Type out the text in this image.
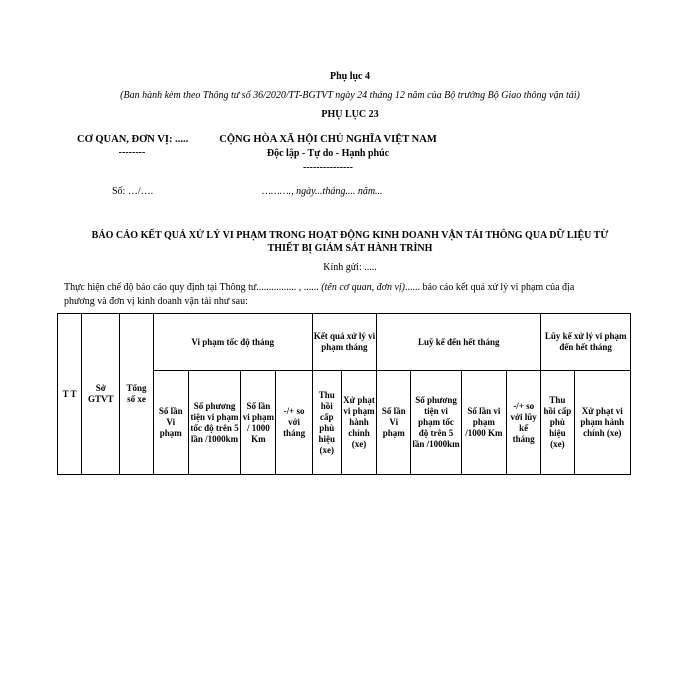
Phụ lục 4
(Ban hành kèm theo Thông tư số 36/2020/TT-BGTVT ngày 24 tháng 12 năm của Bộ trưởng Bộ Giao thông vận tải)
PHỤ LỤC 23
CƠ QUAN, ĐƠN VỊ: .....
--------
CỘNG HÒA XÃ HỘI CHỦ NGHĨA VIỆT NAM
Độc lập - Tự do - Hạnh phúc
---------------
Số: …/….	………., ngày...tháng.... năm...
BÁO CÁO KẾT QUẢ XỬ LÝ VI PHẠM TRONG HOẠT ĐỘNG KINH DOANH VẬN TẢI THÔNG QUA DỮ LIỆU TỪ
THIẾT BỊ GIÁM SÁT HÀNH TRÌNH
Kính gửi: .....
Thực hiện chế độ báo cáo quy định tại Thông tư................ , ...... (tên cơ quan, đơn vị)...... báo cáo kết quả xử lý vi phạm của địa
phương và đơn vị kinh doanh vận tải như sau:
T T	Sở GTVT	Tổng số xe	Vi phạm tốc độ tháng				Kết quả xử lý vi phạm tháng		Luỹ kế đến hết tháng				Lũy kế xử lý vi phạm đến hết tháng	
			Số lần Vi phạm	Số phương tiện vi phạm tốc độ trên 5 lần /1000km	Số lần vi phạm / 1000 Km	-/+ so với tháng	Thu hồi cấp phù hiệu (xe)	Xử phạt vi phạm hành chính (xe)	Số lần Vi phạm	Số phương tiện vi phạm tốc độ trên 5 lần /1000km	Số lần vi phạm /1000 Km	-/+ so với lũy kế tháng	Thu hồi cấp phù hiệu (xe)	Xử phạt vi phạm hành chính (xe)
